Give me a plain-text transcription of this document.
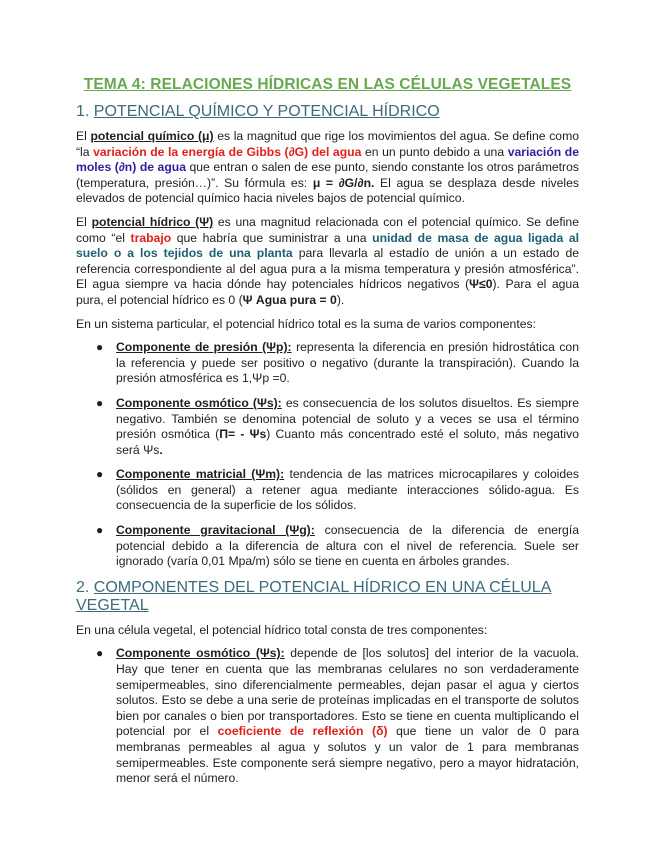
TEMA 4: RELACIONES HÍDRICAS EN LAS CÉLULAS VEGETALES
1. POTENCIAL QUÍMICO Y POTENCIAL HÍDRICO
El potencial químico (μ) es la magnitud que rige los movimientos del agua. Se define como “la variación de la energía de Gibbs (∂G) del agua en un punto debido a una variación de moles (∂n) de agua que entran o salen de ese punto, siendo constante los otros parámetros (temperatura, presión…)”. Su fórmula es: μ = ∂G/∂n. El agua se desplaza desde niveles elevados de potencial químico hacia niveles bajos de potencial químico.
El potencial hídrico (Ψ) es una magnitud relacionada con el potencial químico. Se define como “el trabajo que habría que suministrar a una unidad de masa de agua ligada al suelo o a los tejidos de una planta para llevarla al estadío de unión a un estado de referencia correspondiente al del agua pura a la misma temperatura y presión atmosférica”. El agua siempre va hacia dónde hay potenciales hídricos negativos (Ψ≤0). Para el agua pura, el potencial hídrico es 0 (Ψ Agua pura = 0).
En un sistema particular, el potencial hídrico total es la suma de varios componentes:
● Componente de presión (Ψp): representa la diferencia en presión hidrostática con la referencia y puede ser positivo o negativo (durante la transpiración). Cuando la presión atmosférica es 1,Ψp =0.
● Componente osmótico (Ψs): es consecuencia de los solutos disueltos. Es siempre negativo. También se denomina potencial de soluto y a veces se usa el término presión osmótica (Π= - Ψs) Cuanto más concentrado esté el soluto, más negativo será Ψs.
● Componente matricial (Ψm): tendencia de las matrices microcapilares y coloides (sólidos en general) a retener agua mediante interacciones sólido-agua. Es consecuencia de la superficie de los sólidos.
● Componente gravitacional (Ψg): consecuencia de la diferencia de energía potencial debido a la diferencia de altura con el nivel de referencia. Suele ser ignorado (varía 0,01 Mpa/m) sólo se tiene en cuenta en árboles grandes.
2. COMPONENTES DEL POTENCIAL HÍDRICO EN UNA CÉLULA VEGETAL
En una célula vegetal, el potencial hídrico total consta de tres componentes:
● Componente osmótico (Ψs): depende de [los solutos] del interior de la vacuola. Hay que tener en cuenta que las membranas celulares no son verdaderamente semipermeables, sino diferencialmente permeables, dejan pasar el agua y ciertos solutos. Esto se debe a una serie de proteínas implicadas en el transporte de solutos bien por canales o bien por transportadores. Esto se tiene en cuenta multiplicando el potencial por el coeficiente de reflexión (δ) que tiene un valor de 0 para membranas permeables al agua y solutos y un valor de 1 para membranas semipermeables. Este componente será siempre negativo, pero a mayor hidratación, menor será el número.
